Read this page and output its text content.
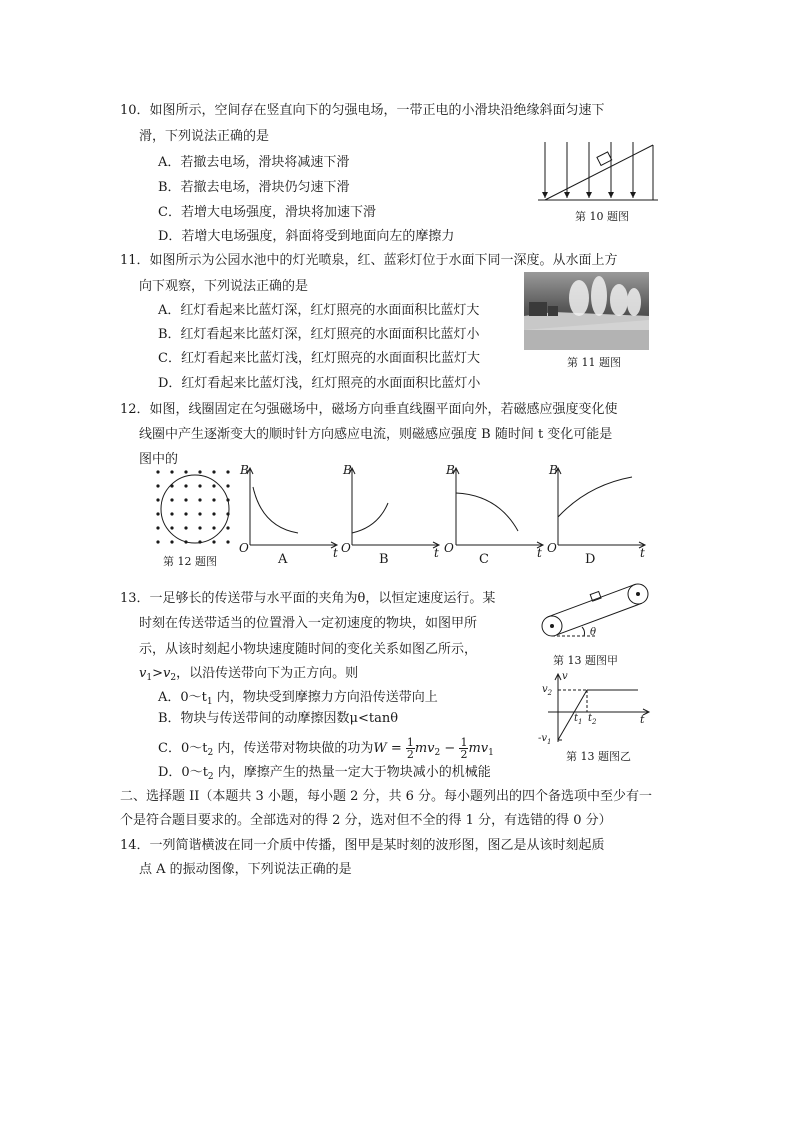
10．如图所示，空间存在竖直向下的匀强电场，一带正电的小滑块沿绝缘斜面匀速下
滑，下列说法正确的是
A．若撤去电场，滑块将减速下滑
B．若撤去电场，滑块仍匀速下滑
C．若增大电场强度，滑块将加速下滑
D．若增大电场强度，斜面将受到地面向左的摩擦力
第 10 题图
11．如图所示为公园水池中的灯光喷泉，红、蓝彩灯位于水面下同一深度。从水面上方
向下观察，下列说法正确的是
A．红灯看起来比蓝灯深，红灯照亮的水面面积比蓝灯大
B．红灯看起来比蓝灯深，红灯照亮的水面面积比蓝灯小
C．红灯看起来比蓝灯浅，红灯照亮的水面面积比蓝灯大
D．红灯看起来比蓝灯浅，红灯照亮的水面面积比蓝灯小
第 11 题图
12．如图，线圈固定在匀强磁场中，磁场方向垂直线圈平面向外，若磁感应强度变化使
线圈中产生逐渐变大的顺时针方向感应电流，则磁感应强度 B 随时间 t 变化可能是
图中的
第 12 题图
B
O	t
A
B
O	t
B
B
O	t
C
B
O	t
D
13．一足够长的传送带与水平面的夹角为θ，以恒定速度运行。某
时刻在传送带适当的位置滑入一定初速度的物块，如图甲所
示，从该时刻起小物块速度随时间的变化关系如图乙所示，
$v_1>v_2$，以沿传送带向下为正方向。则
A．$0\sim t_1$ 内，物块受到摩擦力方向沿传送带向上
B．物块与传送带间的动摩擦因数μ<tanθ
C．$0\sim t_2$ 内，传送带对物块做的功为$W = \frac{1}{2} mv_2 - \frac{1}{2} mv_1$
D．$0\sim t_2$ 内，摩擦产生的热量一定大于物块减小的机械能
θ
第 13 题图甲
v
$v_2$
$-v_1$
$t_1$ $t_2$	t
第 13 题图乙
二、选择题 II（本题共 3 小题，每小题 2 分，共 6 分。每小题列出的四个备选项中至少有一
个是符合题目要求的。全部选对的得 2 分，选对但不全的得 1 分，有选错的得 0 分）
14．一列简谐横波在同一介质中传播，图甲是某时刻的波形图，图乙是从该时刻起质
点 A 的振动图像，下列说法正确的是
